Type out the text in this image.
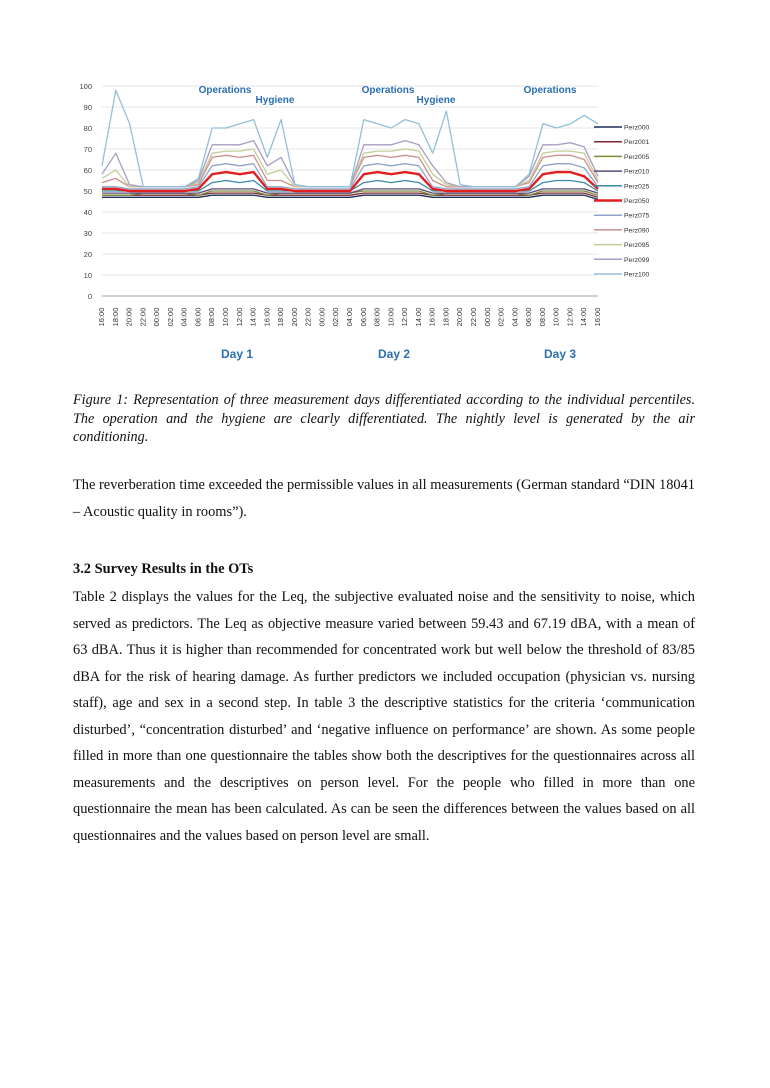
0
10
20
30
40
50
60
70
80
90
100
16:00 18:00 20:00 22:00 00:00 02:00 04:00 06:00 08:00 10:00 12:00 14:00 16:00 18:00 20:00 22:00 00:00 02:00 04:00 06:00 08:00 10:00 12:00 14:00 16:00 18:00 20:00 22:00 00:00 02:00 04:00 06:00 08:00 10:00 12:00 14:00 16:00
Operations
Hygiene
Operations
Hygiene
Operations
Day 1	Day 2	Day 3
Perz000
Perz001
Perz005
Perz010
Perz025
Perz050
Perz075
Perz090
Perz095
Perz099
Perz100

Figure 1: Representation of three measurement days differentiated according to the individual percentiles. The operation and the hygiene are clearly differentiated. The nightly level is generated by the air conditioning.

The reverberation time exceeded the permissible values in all measurements (German standard “DIN 18041 – Acoustic quality in rooms”).

3.2 Survey Results in the OTs

Table 2 displays the values for the Leq, the subjective evaluated noise and the sensitivity to noise, which served as predictors. The Leq as objective measure varied between 59.43 and 67.19 dBA, with a mean of 63 dBA. Thus it is higher than recommended for concentrated work but well below the threshold of 83/85 dBA for the risk of hearing damage. As further predictors we included occupation (physician vs. nursing staff), age and sex in a second step. In table 3 the descriptive statistics for the criteria ‘communication disturbed’, “concentration disturbed’ and ‘negative influence on performance’ are shown. As some people filled in more than one questionnaire the tables show both the descriptives for the questionnaires across all measurements and the descriptives on person level. For the people who filled in more than one questionnaire the mean has been calculated. As can be seen the differences between the values based on all questionnaires and the values based on person level are small.
